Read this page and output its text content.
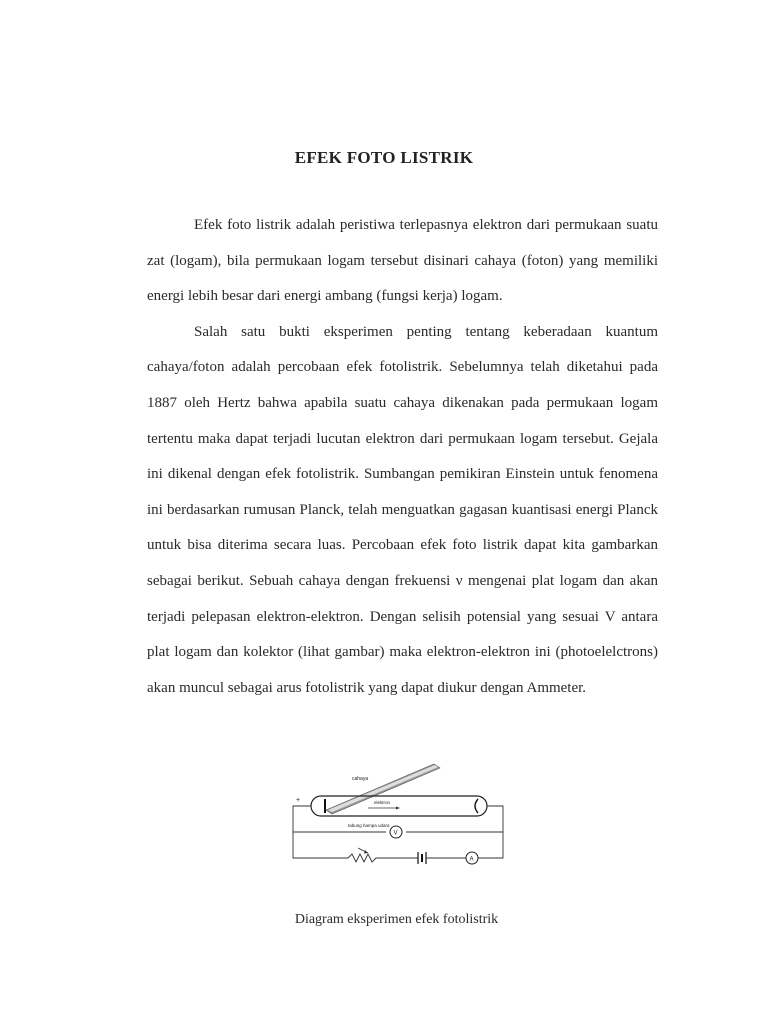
EFEK FOTO LISTRIK

Efek foto listrik adalah peristiwa terlepasnya elektron dari permukaan suatu zat (logam), bila permukaan logam tersebut disinari cahaya (foton) yang memiliki energi lebih besar dari energi ambang (fungsi kerja) logam.

Salah satu bukti eksperimen penting tentang keberadaan kuantum cahaya/foton adalah percobaan efek fotolistrik. Sebelumnya telah diketahui pada 1887 oleh Hertz bahwa apabila suatu cahaya dikenakan pada permukaan logam tertentu maka dapat terjadi lucutan elektron dari permukaan logam tersebut. Gejala ini dikenal dengan efek fotolistrik. Sumbangan pemikiran Einstein untuk fenomena ini berdasarkan rumusan Planck, telah menguatkan gagasan kuantisasi energi Planck untuk bisa diterima secara luas. Percobaan efek foto listrik dapat kita gambarkan sebagai berikut. Sebuah cahaya dengan frekuensi ν mengenai plat logam dan akan terjadi pelepasan elektron-elektron. Dengan selisih potensial yang sesuai V antara plat logam dan kolektor (lihat gambar) maka elektron-elektron ini (photoelelctrons) akan muncul sebagai arus fotolistrik yang dapat diukur dengan Ammeter.

cahaya
elektron
+
tabung hampa udara
V
A
Diagram eksperimen efek fotolistrik
